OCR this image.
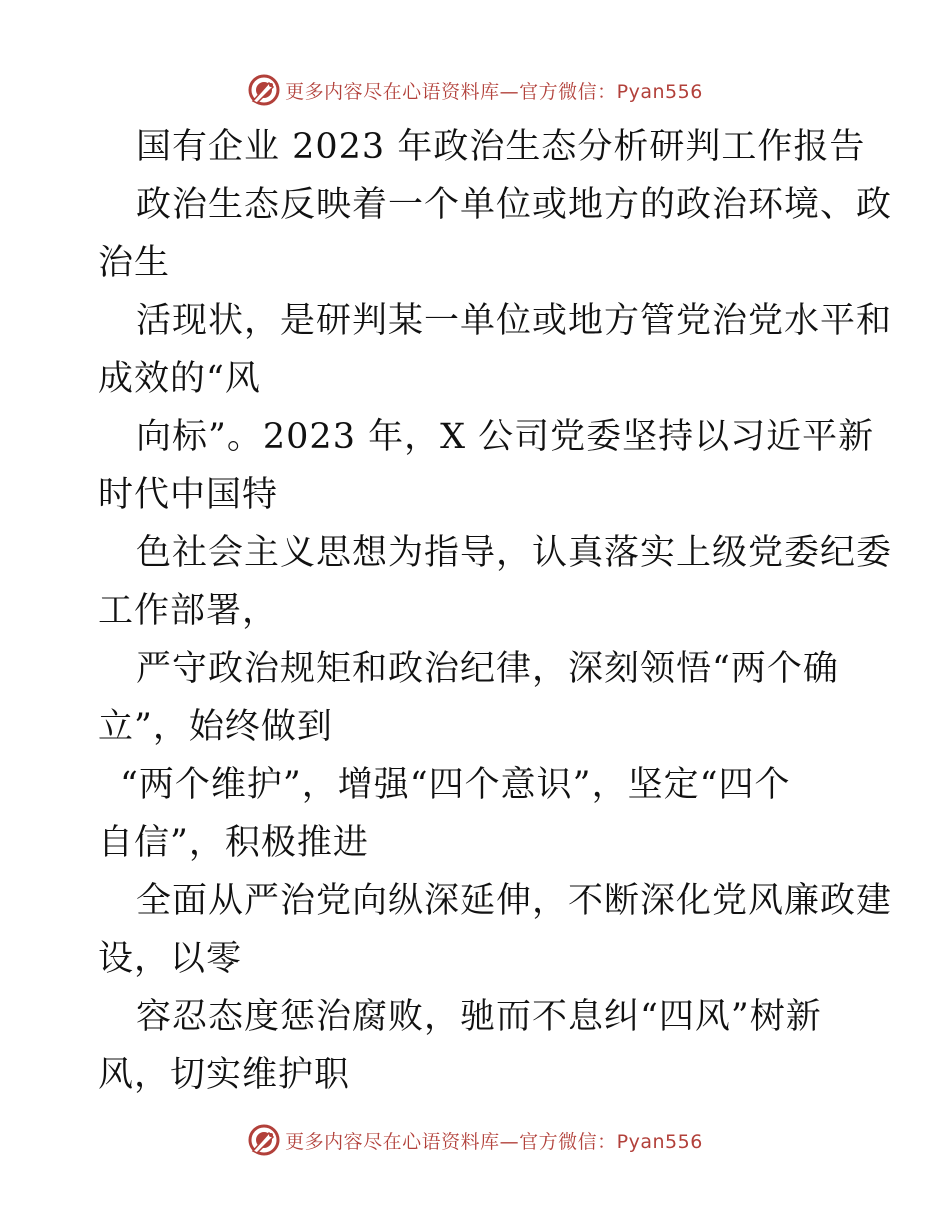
更多内容尽在心语资料库—官方微信：Pyan556
国有企业 2023 年政治生态分析研判工作报告
政治生态反映着一个单位或地方的政治环境、政
治生
活现状，是研判某一单位或地方管党治党水平和
成效的“风
向标”。2023 年，X 公司党委坚持以习近平新
时代中国特
色社会主义思想为指导，认真落实上级党委纪委
工作部署，
严守政治规矩和政治纪律，深刻领悟“两个确
立”，始终做到
“两个维护”，增强“四个意识”，坚定“四个
自信”，积极推进
全面从严治党向纵深延伸，不断深化党风廉政建
设，以零
容忍态度惩治腐败，驰而不息纠“四风”树新
风，切实维护职
更多内容尽在心语资料库—官方微信：Pyan556
